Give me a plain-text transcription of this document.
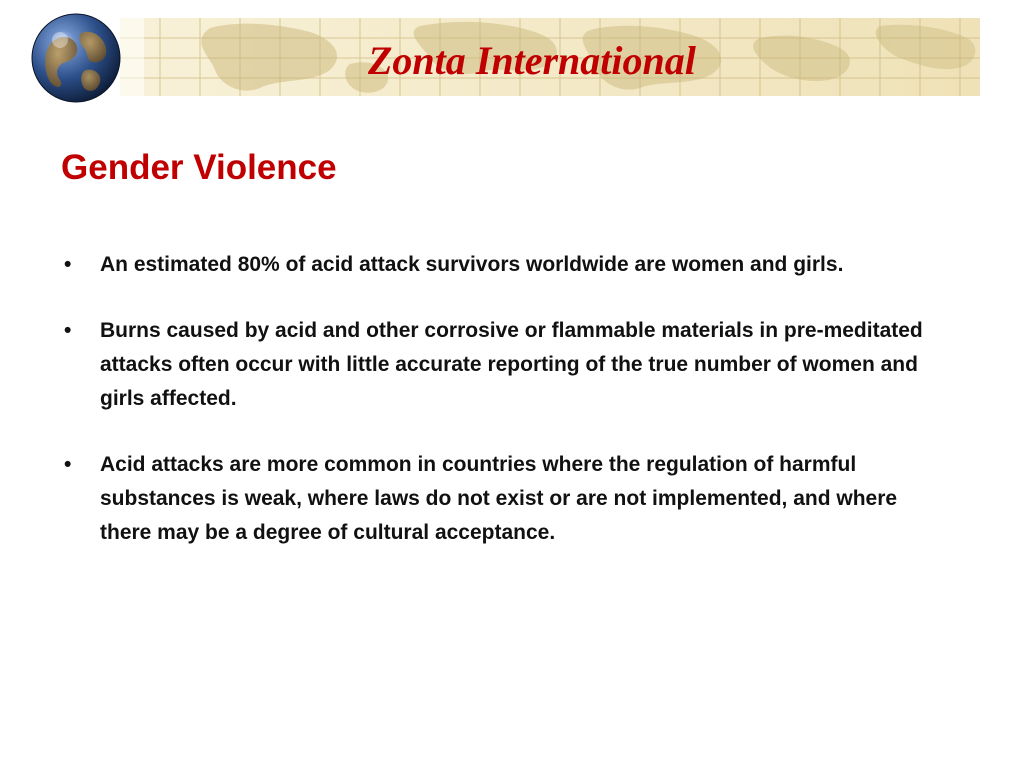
Zonta International
Gender Violence
•	An estimated 80% of acid attack survivors worldwide are women and girls.
•	Burns caused by acid and other corrosive or flammable materials in pre-meditated attacks often occur with little accurate reporting of the true number of women and girls affected.
•	Acid attacks are more common in countries where the regulation of harmful substances is weak, where laws do not exist or are not implemented, and where there may be a degree of cultural acceptance.
